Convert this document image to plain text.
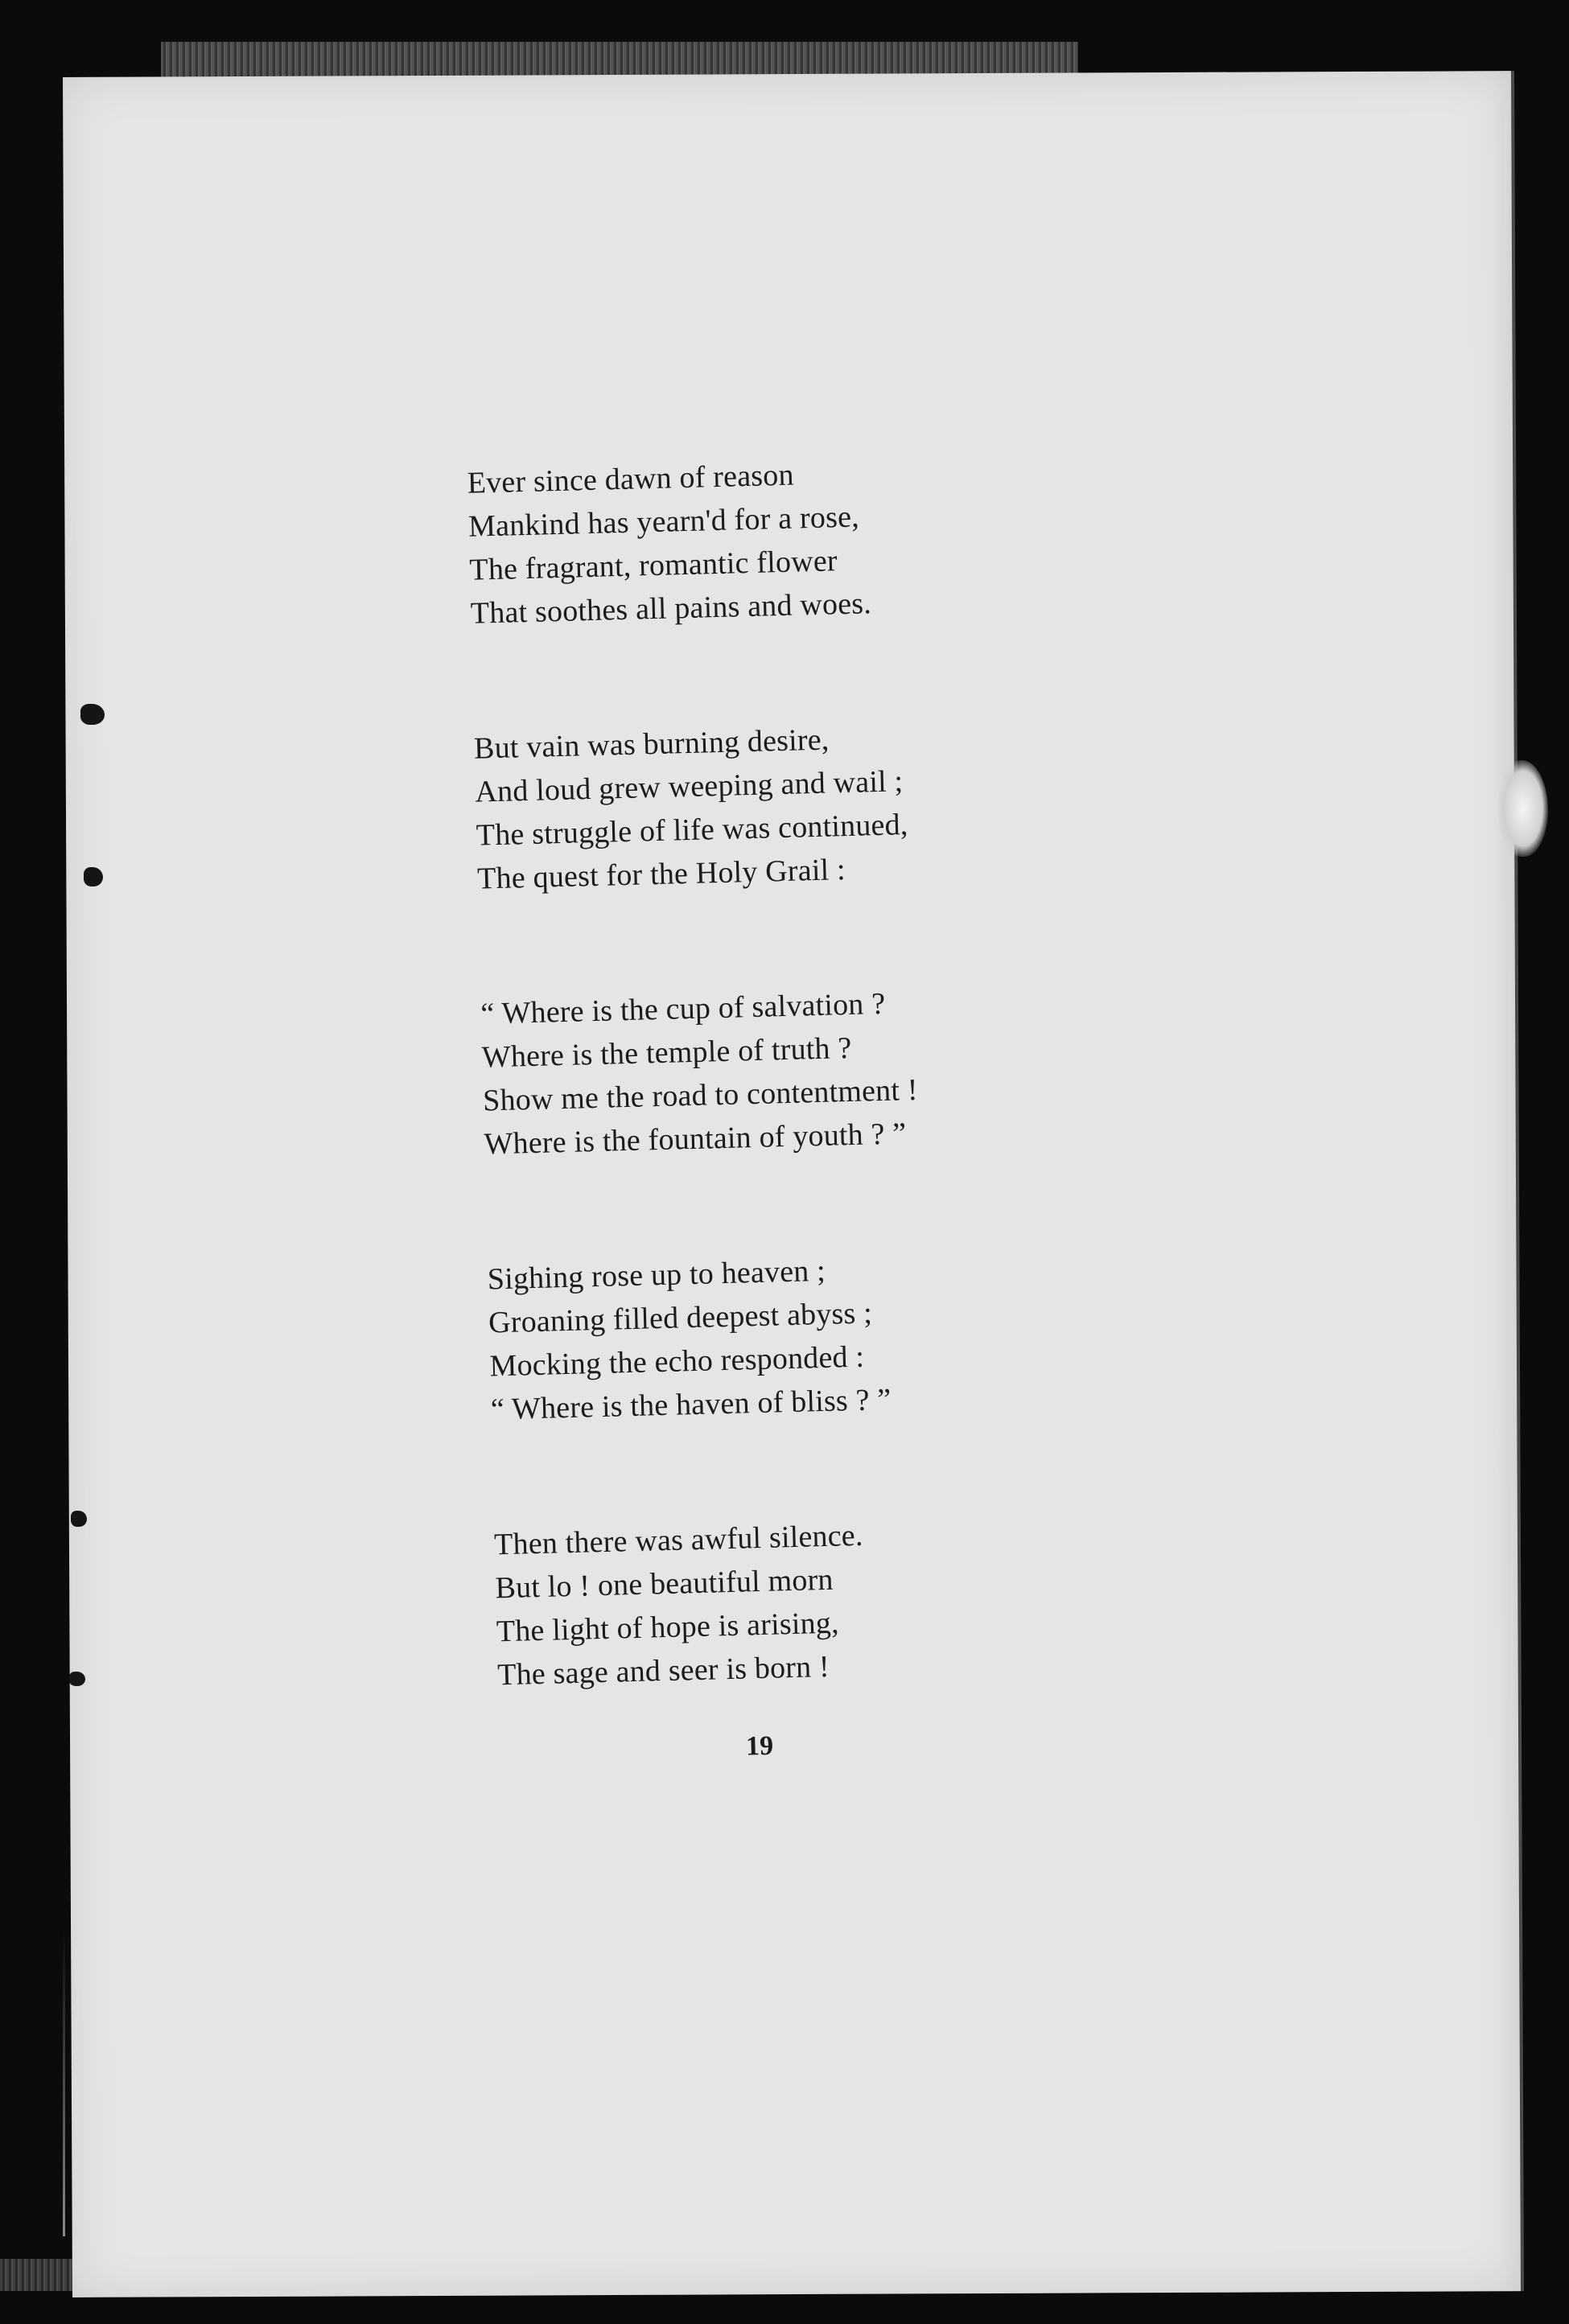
Ever since dawn of reason
Mankind has yearn'd for a rose,
The fragrant, romantic flower
That soothes all pains and woes.
But vain was burning desire,
And loud grew weeping and wail ;
The struggle of life was continued,
The quest for the Holy Grail :
“ Where is the cup of salvation ?
Where is the temple of truth ?
Show me the road to contentment !
Where is the fountain of youth ? ”
Sighing rose up to heaven ;
Groaning filled deepest abyss ;
Mocking the echo responded :
“ Where is the haven of bliss ? ”
Then there was awful silence.
But lo ! one beautiful morn
The light of hope is arising,
The sage and seer is born !
19
